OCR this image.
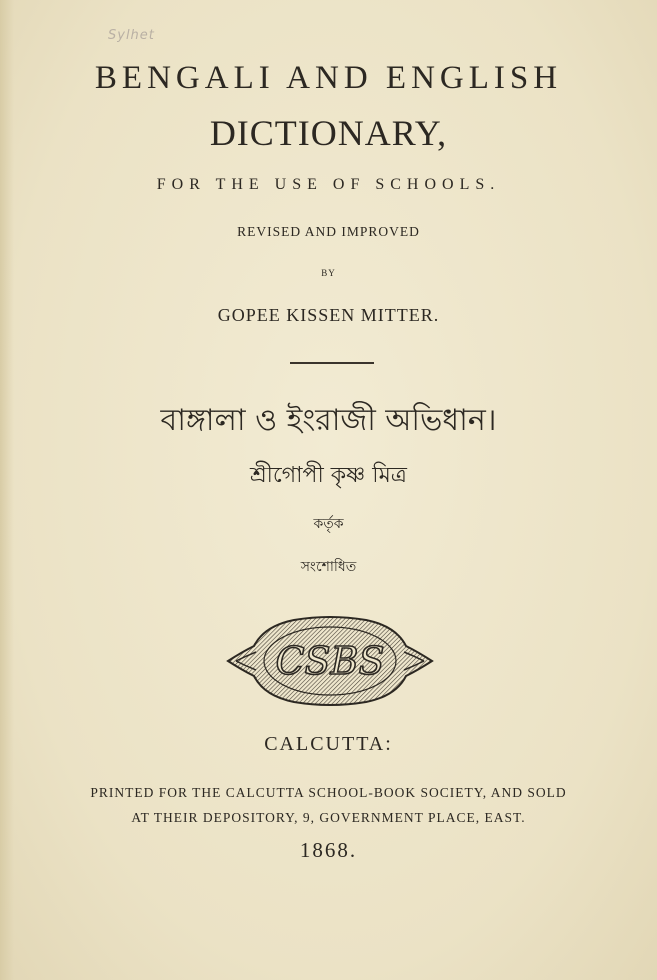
Sylhet
BENGALI AND ENGLISH
DICTIONARY,
FOR THE USE OF SCHOOLS.
REVISED AND IMPROVED
BY
GOPEE KISSEN MITTER.
বাঙ্গালা ও ইংরাজী অভিধান।
শ্রীগোপী কৃষ্ণ মিত্র
কর্তৃক
সংশোধিত
CSBS
CALCUTTA:
PRINTED FOR THE CALCUTTA SCHOOL-BOOK SOCIETY, AND SOLD
AT THEIR DEPOSITORY, 9, GOVERNMENT PLACE, EAST.
1868.
